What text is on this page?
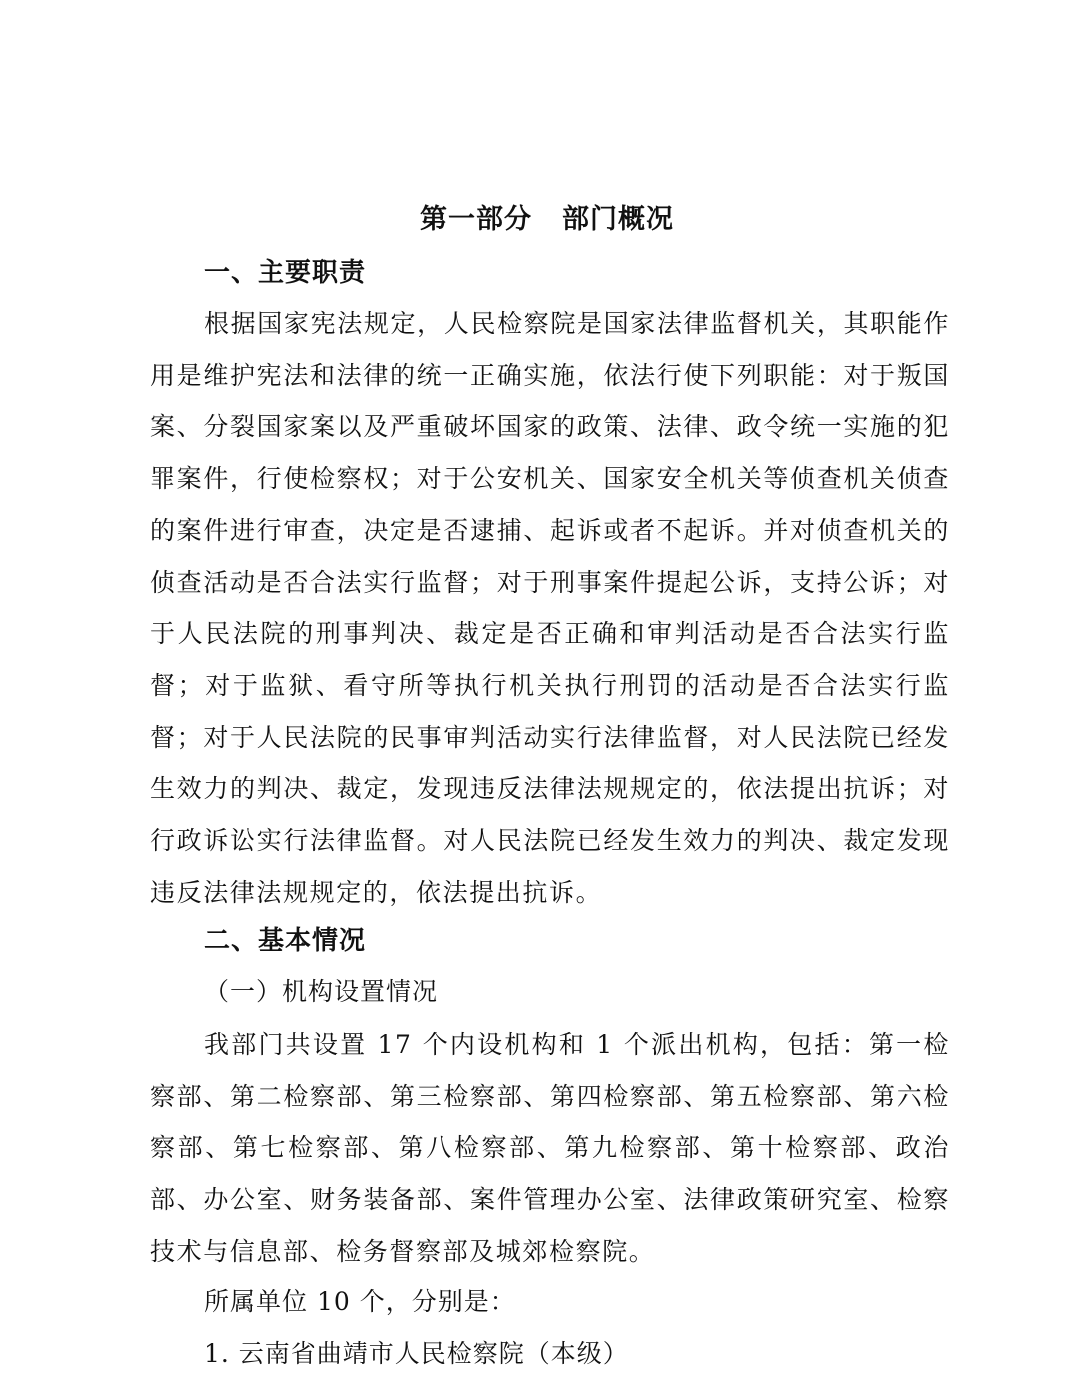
第一部分 部门概况
一、主要职责
根据国家宪法规定，人民检察院是国家法律监督机关，其职能作用是维护宪法和法律的统一正确实施，依法行使下列职能：对于叛国案、分裂国家案以及严重破坏国家的政策、法律、政令统一实施的犯罪案件，行使检察权；对于公安机关、国家安全机关等侦查机关侦查的案件进行审查，决定是否逮捕、起诉或者不起诉。并对侦查机关的侦查活动是否合法实行监督；对于刑事案件提起公诉，支持公诉；对于人民法院的刑事判决、裁定是否正确和审判活动是否合法实行监督；对于监狱、看守所等执行机关执行刑罚的活动是否合法实行监督；对于人民法院的民事审判活动实行法律监督，对人民法院已经发生效力的判决、裁定，发现违反法律法规规定的，依法提出抗诉；对行政诉讼实行法律监督。对人民法院已经发生效力的判决、裁定发现违反法律法规规定的，依法提出抗诉。
二、基本情况
（一）机构设置情况
我部门共设置 17 个内设机构和 1 个派出机构，包括：第一检察部、第二检察部、第三检察部、第四检察部、第五检察部、第六检察部、第七检察部、第八检察部、第九检察部、第十检察部、政治部、办公室、财务装备部、案件管理办公室、法律政策研究室、检察技术与信息部、检务督察部及城郊检察院。
所属单位 10 个，分别是：
1. 云南省曲靖市人民检察院（本级）
